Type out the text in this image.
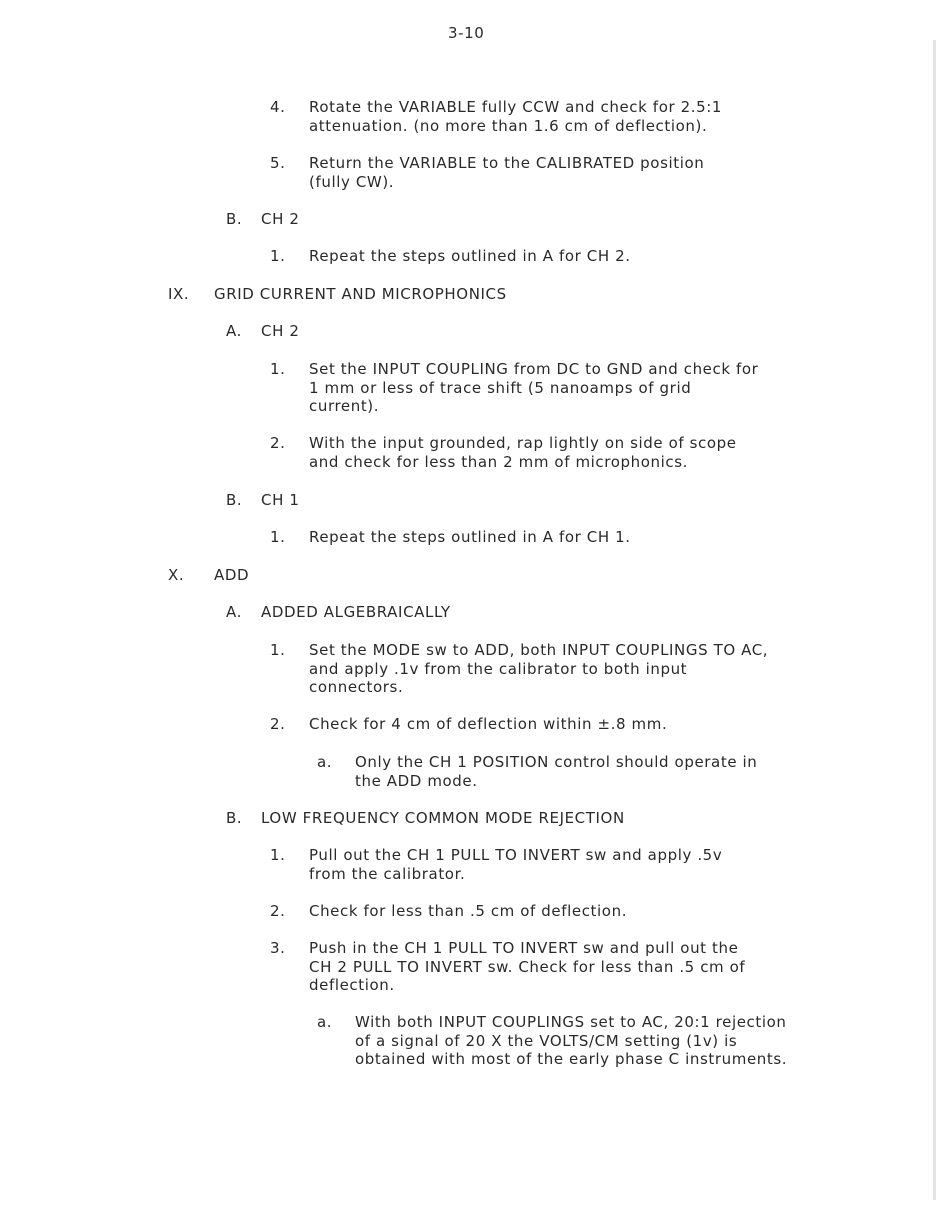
3-10
4. Rotate the VARIABLE fully CCW and check for 2.5:1
attenuation. (no more than 1.6 cm of deflection).
5. Return the VARIABLE to the CALIBRATED position
(fully CW).
B. CH 2
1. Repeat the steps outlined in A for CH 2.
IX. GRID CURRENT AND MICROPHONICS
A. CH 2
1. Set the INPUT COUPLING from DC to GND and check for
1 mm or less of trace shift (5 nanoamps of grid
current).
2. With the input grounded, rap lightly on side of scope
and check for less than 2 mm of microphonics.
B. CH 1
1. Repeat the steps outlined in A for CH 1.
X. ADD
A. ADDED ALGEBRAICALLY
1. Set the MODE sw to ADD, both INPUT COUPLINGS TO AC,
and apply .1v from the calibrator to both input
connectors.
2. Check for 4 cm of deflection within ±.8 mm.
a. Only the CH 1 POSITION control should operate in
the ADD mode.
B. LOW FREQUENCY COMMON MODE REJECTION
1. Pull out the CH 1 PULL TO INVERT sw and apply .5v
from the calibrator.
2. Check for less than .5 cm of deflection.
3. Push in the CH 1 PULL TO INVERT sw and pull out the
CH 2 PULL TO INVERT sw. Check for less than .5 cm of
deflection.
a. With both INPUT COUPLINGS set to AC, 20:1 rejection
of a signal of 20 X the VOLTS/CM setting (1v) is
obtained with most of the early phase C instruments.
